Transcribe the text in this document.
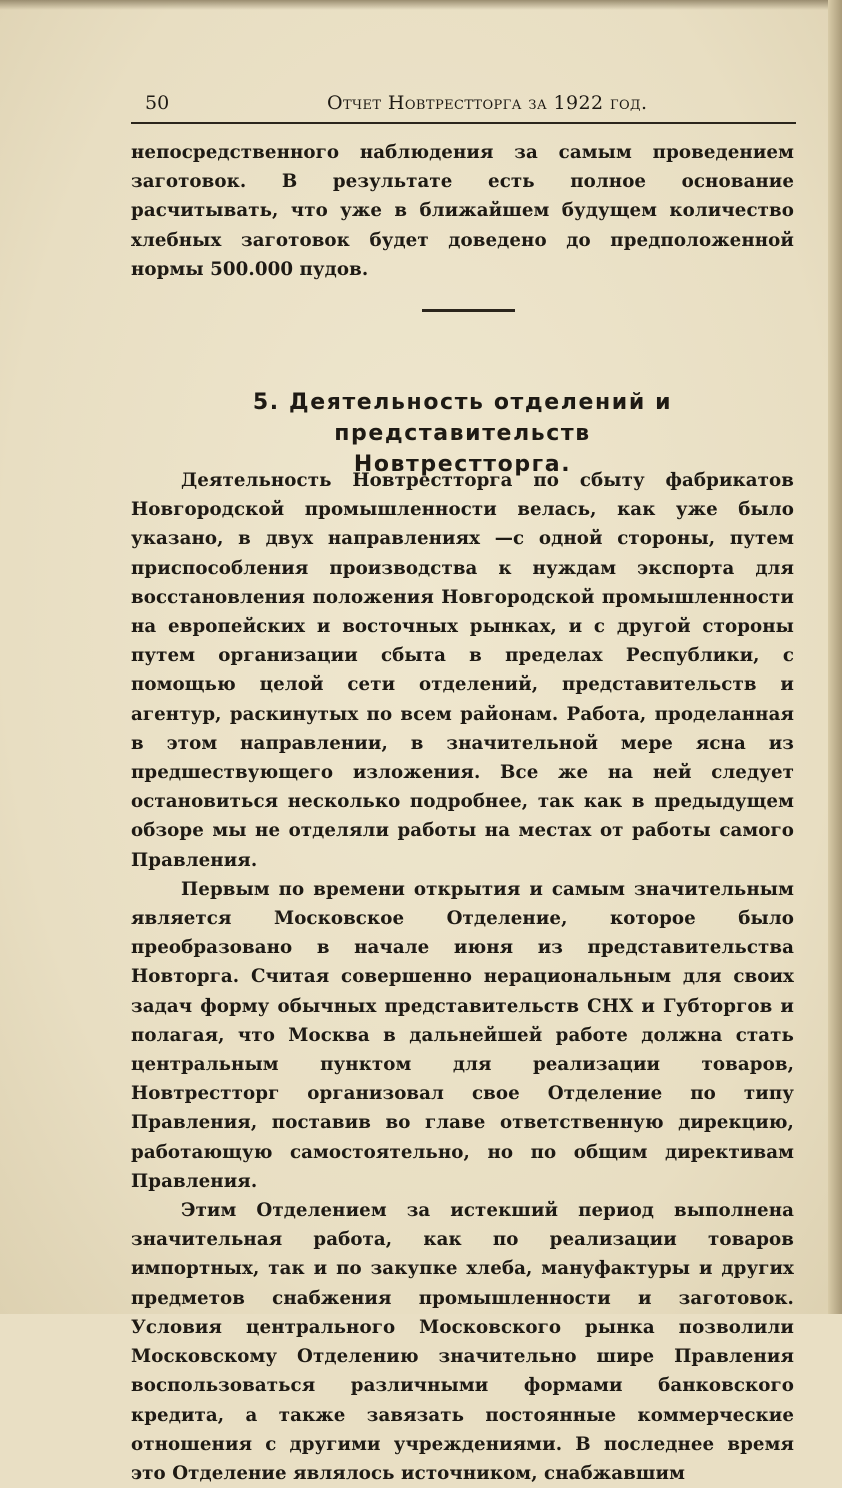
50	Отчет Новтрестторга за 1922 год.

непосредственного наблюдения за самым проведением заготовок. В результате есть полное основание расчитывать, что уже в ближайшем будущем количество хлебных заготовок будет доведено до предположенной нормы 500.000 пудов.

5. Деятельность отделений и представительств
Новтрестторга.

Деятельность Новтрестторга по сбыту фабрикатов Новгородской промышленности велась, как уже было указано, в двух направлениях —с одной стороны, путем приспособления производства к нуждам экспорта для восстановления положения Новгородской промышленности на европейских и восточных рынках, и с другой стороны путем организации сбыта в пределах Республики, с помощью целой сети отделений, представительств и агентур, раскинутых по всем районам. Работа, проделанная в этом направлении, в значительной мере ясна из предшествующего изложения. Все же на ней следует остановиться несколько подробнее, так как в предыдущем обзоре мы не отделяли работы на местах от работы самого Правления.

Первым по времени открытия и самым значительным является Московское Отделение, которое было преобразовано в начале июня из представительства Новторга. Считая совершенно нерациональным для своих задач форму обычных представительств СНХ и Губторгов и полагая, что Москва в дальнейшей работе должна стать центральным пунктом для реализации товаров, Новтрестторг организовал свое Отделение по типу Правления, поставив во главе ответственную дирекцию, работающую самостоятельно, но по общим директивам Правления.

Этим Отделением за истекший период выполнена значительная работа, как по реализации товаров импортных, так и по закупке хлеба, мануфактуры и других предметов снабжения промышленности и заготовок. Условия центрального Московского рынка позволили Московскому Отделению значительно шире Правления воспользоваться различными формами банковского кредита, а также завязать постоянные коммерческие отношения с другими учреждениями. В последнее время это Отделение являлось источником, снабжавшим
